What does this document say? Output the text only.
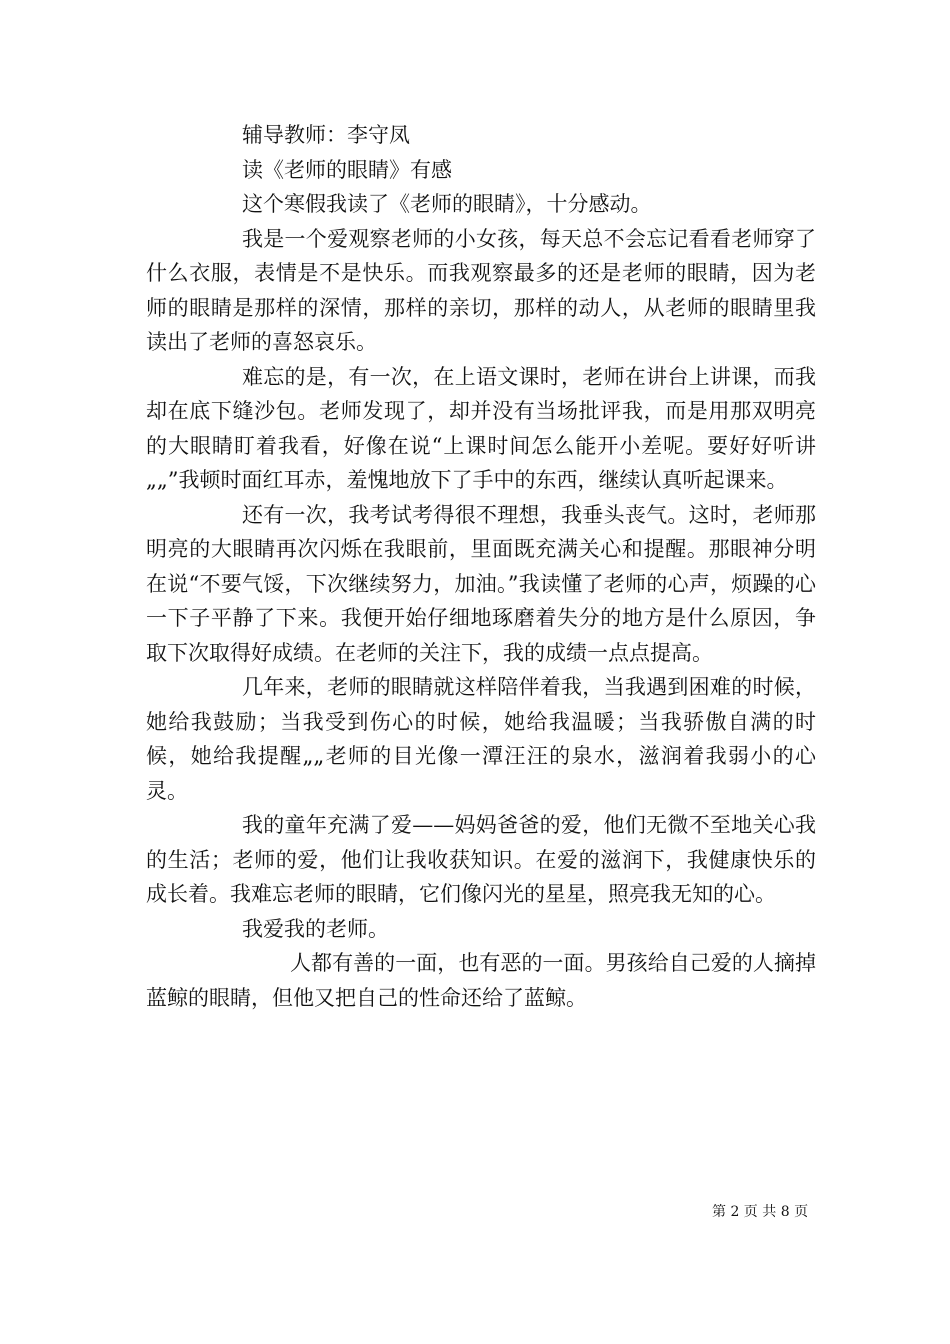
辅导教师：李守凤

读《老师的眼睛》有感

这个寒假我读了《老师的眼睛》，十分感动。

我是一个爱观察老师的小女孩，每天总不会忘记看看老师穿了什么衣服，表情是不是快乐。而我观察最多的还是老师的眼睛，因为老师的眼睛是那样的深情，那样的亲切，那样的动人，从老师的眼睛里我读出了老师的喜怒哀乐。

难忘的是，有一次，在上语文课时，老师在讲台上讲课，而我却在底下缝沙包。老师发现了，却并没有当场批评我，而是用那双明亮的大眼睛盯着我看，好像在说“上课时间怎么能开小差呢。要好好听讲„„”我顿时面红耳赤，羞愧地放下了手中的东西，继续认真听起课来。

还有一次，我考试考得很不理想，我垂头丧气。这时，老师那明亮的大眼睛再次闪烁在我眼前，里面既充满关心和提醒。那眼神分明在说“不要气馁，下次继续努力，加油。”我读懂了老师的心声，烦躁的心一下子平静了下来。我便开始仔细地琢磨着失分的地方是什么原因，争取下次取得好成绩。在老师的关注下，我的成绩一点点提高。

几年来，老师的眼睛就这样陪伴着我，当我遇到困难的时候，她给我鼓励；当我受到伤心的时候，她给我温暖；当我骄傲自满的时候，她给我提醒„„老师的目光像一潭汪汪的泉水，滋润着我弱小的心灵。

我的童年充满了爱——妈妈爸爸的爱，他们无微不至地关心我的生活；老师的爱，他们让我收获知识。在爱的滋润下，我健康快乐的成长着。我难忘老师的眼睛，它们像闪光的星星，照亮我无知的心。

我爱我的老师。

人都有善的一面，也有恶的一面。男孩给自己爱的人摘掉蓝鲸的眼睛，但他又把自己的性命还给了蓝鲸。

第 2 页 共 8 页
